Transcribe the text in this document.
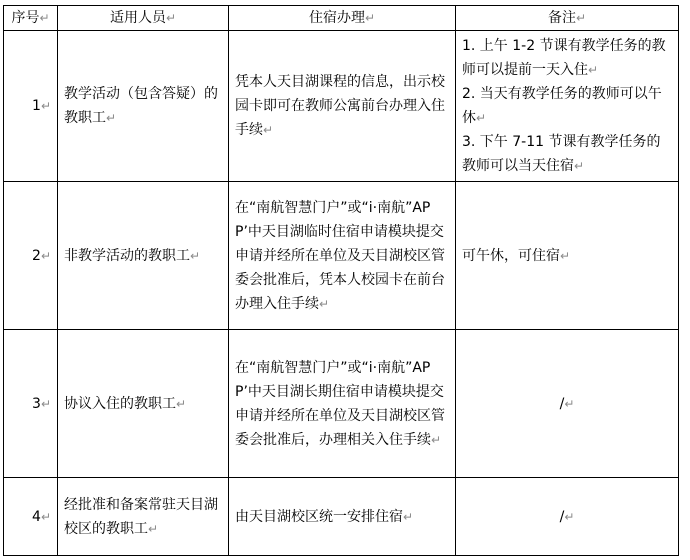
序号↵	适用人员↵	住宿办理↵	备注↵
1↵	教学活动（包含答疑）的教职工↵	凭本人天目湖课程的信息，出示校园卡即可在教师公寓前台办理入住手续↵	1. 上午 1-2 节课有教学任务的教师可以提前一天入住↵
2. 当天有教学任务的教师可以午休↵
3. 下午 7-11 节课有教学任务的教师可以当天住宿↵

2↵	非教学活动的教职工↵	在“南航智慧门户”或“i·南航”APP’中天目湖临时住宿申请模块提交申请并经所在单位及天目湖校区管委会批准后，凭本人校园卡在前台办理入住手续↵	可午休，可住宿↵
3↵	协议入住的教职工↵	在“南航智慧门户”或“i·南航”APP’中天目湖长期住宿申请模块提交申请并经所在单位及天目湖校区管委会批准后，办理相关入住手续↵	/↵
4↵	经批准和备案常驻天目湖校区的教职工↵	由天目湖校区统一安排住宿↵	/↵
